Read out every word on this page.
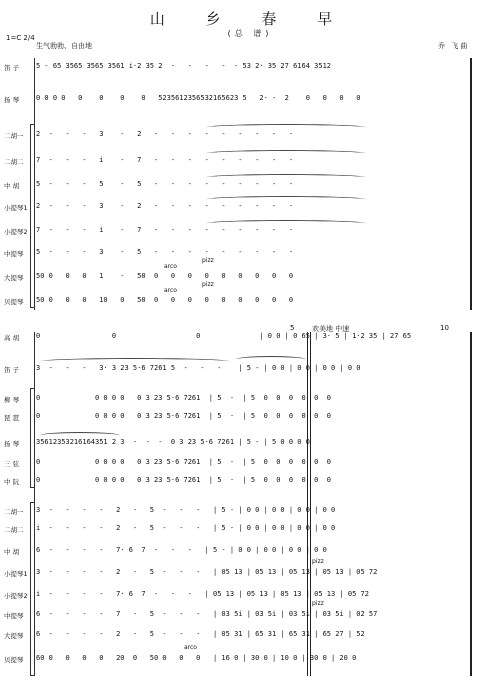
山 乡 春 早
(总 谱)
1=C 2/4
生气勃勃、自由地	乔 飞曲
笛 子	5 - 65 3565 3565 3561 i·2 35 2  -   -   -   -  - 53 2· 35 27 6164 3512
扬 琴	0 0 0 0   0    0    0    0   5235612356532165623 5   2- -  2    0   0   0   0
二胡一	2  -   -   -   3    -   2   -   -   -   -   -   -   -   -   -
二胡二	7  -   -   -   i    -   7   -   -   -   -   -   -   -   -   -
中 胡	5  -   -   -   5    -   5   -   -   -   -   -   -   -   -   -
小提琴1	2  -   -   -   3    -   2   -   -   -   -   -   -   -   -   -
小提琴2	7  -   -   -   i    -   7   -   -   -   -   -   -   -   -   -
中提琴	5  -   -   -   3    -   5   -   -   -   -   -   -   -   -   -
大提琴	50 0   0   0   1    -   50  0   0   0   0   0   0   0   0   0
贝提琴	50 0   0   0   10   0   50  0   0   0   0   0   0   0   0   0
arco
pizz
arco
pizz
5	10
欢美地 中速
高 胡	0                 0                   0              | 0 0 | 0 65 | 3· 5 | 1·2 35 | 27 65
笛 子	3  -   -   -   3· 3 23 5·6 7261 5  -   -   -    | 5 - | 0 0 | 0 0 | 0 0 | 0 0
柳 琴	0             0 0 0 0   0 3 23 5·6 7261  | 5  -  | 5  0  0  0  0  0  0
琵 琶	0             0 0 0 0   0 3 23 5·6 7261  | 5  -  | 5  0  0  0  0  0  0
扬 琴	35612353216164351 2 3  -  -  -  0 3 23 5·6 7261 | 5 - | 5 0 0 0 0
三 弦	0             0 0 0 0   0 3 23 5·6 7261  | 5  -  | 5  0  0  0  0  0  0
中 阮	0             0 0 0 0   0 3 23 5·6 7261  | 5  -  | 5  0  0  0  0  0  0
二胡一	3  -   -   -   -   2   -   5  -   -   -   | 5 - | 0 0 | 0 0 | 0 0 | 0 0
二胡二	i  -   -   -   -   2   -   5  -   -   -   | 5 - | 0 0 | 0 0 | 0 0 | 0 0
中 胡	6  -   -   -   -   7· 6  7  -   -   -   | 5 - | 0 0 | 0 0 | 0 0 | 0 0
小提琴1	3  -   -   -   -   2   -   5  -   -   -   | 05 13 | 05 13 | 05 13 | 05 13 | 05 72
小提琴2	i  -   -   -   -   7· 6  7  -   -   -   | 05 13 | 05 13 | 05 13 | 05 13 | 05 72
中提琴	6  -   -   -   -   7   -   5  -   -   -   | 03 5i | 03 5i | 03 5i | 03 5i | 02 57
大提琴	6  -   -   -   -   2   -   5  -   -   -   | 05 31 | 65 31 | 65 31 | 65 27 | 52
贝提琴	60 0   0   0   0   20  0   50 0   0   0   | 16 0 | 30 0 | 10 0 | 30 0 | 20 0
arco
pizz
pizz
